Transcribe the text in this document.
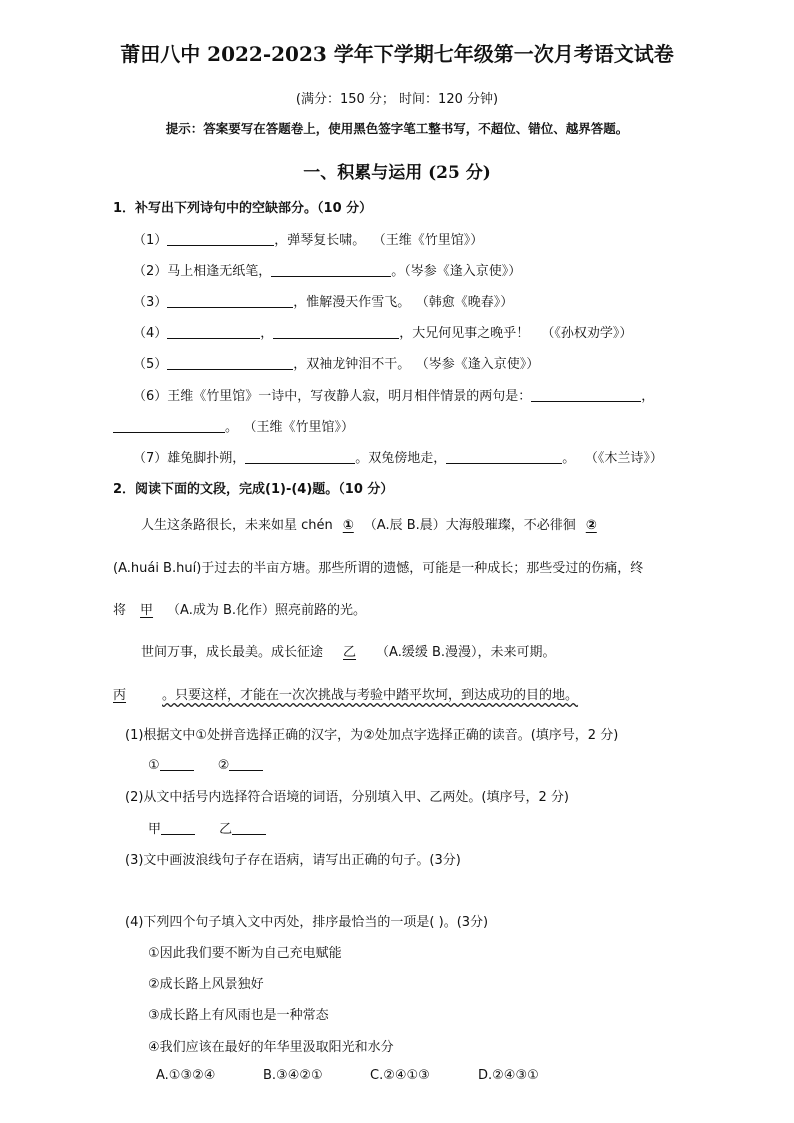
莆田八中 2022-2023 学年下学期七年级第一次月考语文试卷
(满分：150 分； 时间：120 分钟)
提示：答案要写在答题卷上，使用黑色签字笔工整书写，不超位、错位、越界答题。
一、积累与运用 (25 分)
1．补写出下列诗句中的空缺部分。（10 分）
（1）	，弹琴复长啸。 （王维《竹里馆》）
（2）马上相逢无纸笔，	。（岑参《逢入京使》）
（3）	，惟解漫天作雪飞。 （韩愈《晚春》）
（4）	，	，大兄何见事之晚乎！ （《孙权劝学》）
（5）	，双袖龙钟泪不干。 （岑参《逢入京使》）
（6）王维《竹里馆》一诗中，写夜静人寂，明月相伴情景的两句是：	，
。 （王维《竹里馆》）
（7）雄兔脚扑朔，	。双兔傍地走，	。 （《木兰诗》）
2．阅读下面的文段，完成(1)-(4)题。（10 分）
人生这条路很长，未来如星 chén ① （A.辰 B.晨）大海般璀璨，不必徘徊 ②
(A.huái B.huí)于过去的半亩方塘。那些所谓的遗憾，可能是一种成长；那些受过的伤痛，终
将 甲 （A.成为 B.化作）照亮前路的光。
世间万事，成长最美。成长征途 乙 （A.缓缓 B.漫漫），未来可期。
丙	。只要这样，才能在一次次挑战与考验中踏平坎坷，到达成功的目的地。
(1)根据文中①处拼音选择正确的汉字，为②处加点字选择正确的读音。(填序号，2 分)
①	②
(2)从文中括号内选择符合语境的词语，分别填入甲、乙两处。(填序号，2 分)
甲	乙
(3)文中画波浪线句子存在语病，请写出正确的句子。(3分)
(4)下列四个句子填入文中丙处，排序最恰当的一项是( )。(3分)
①因此我们要不断为自己充电赋能
②成长路上风景独好
③成长路上有风雨也是一种常态
④我们应该在最好的年华里汲取阳光和水分
A.①③②④	B.③④②①	C.②④①③	D.②④③①
